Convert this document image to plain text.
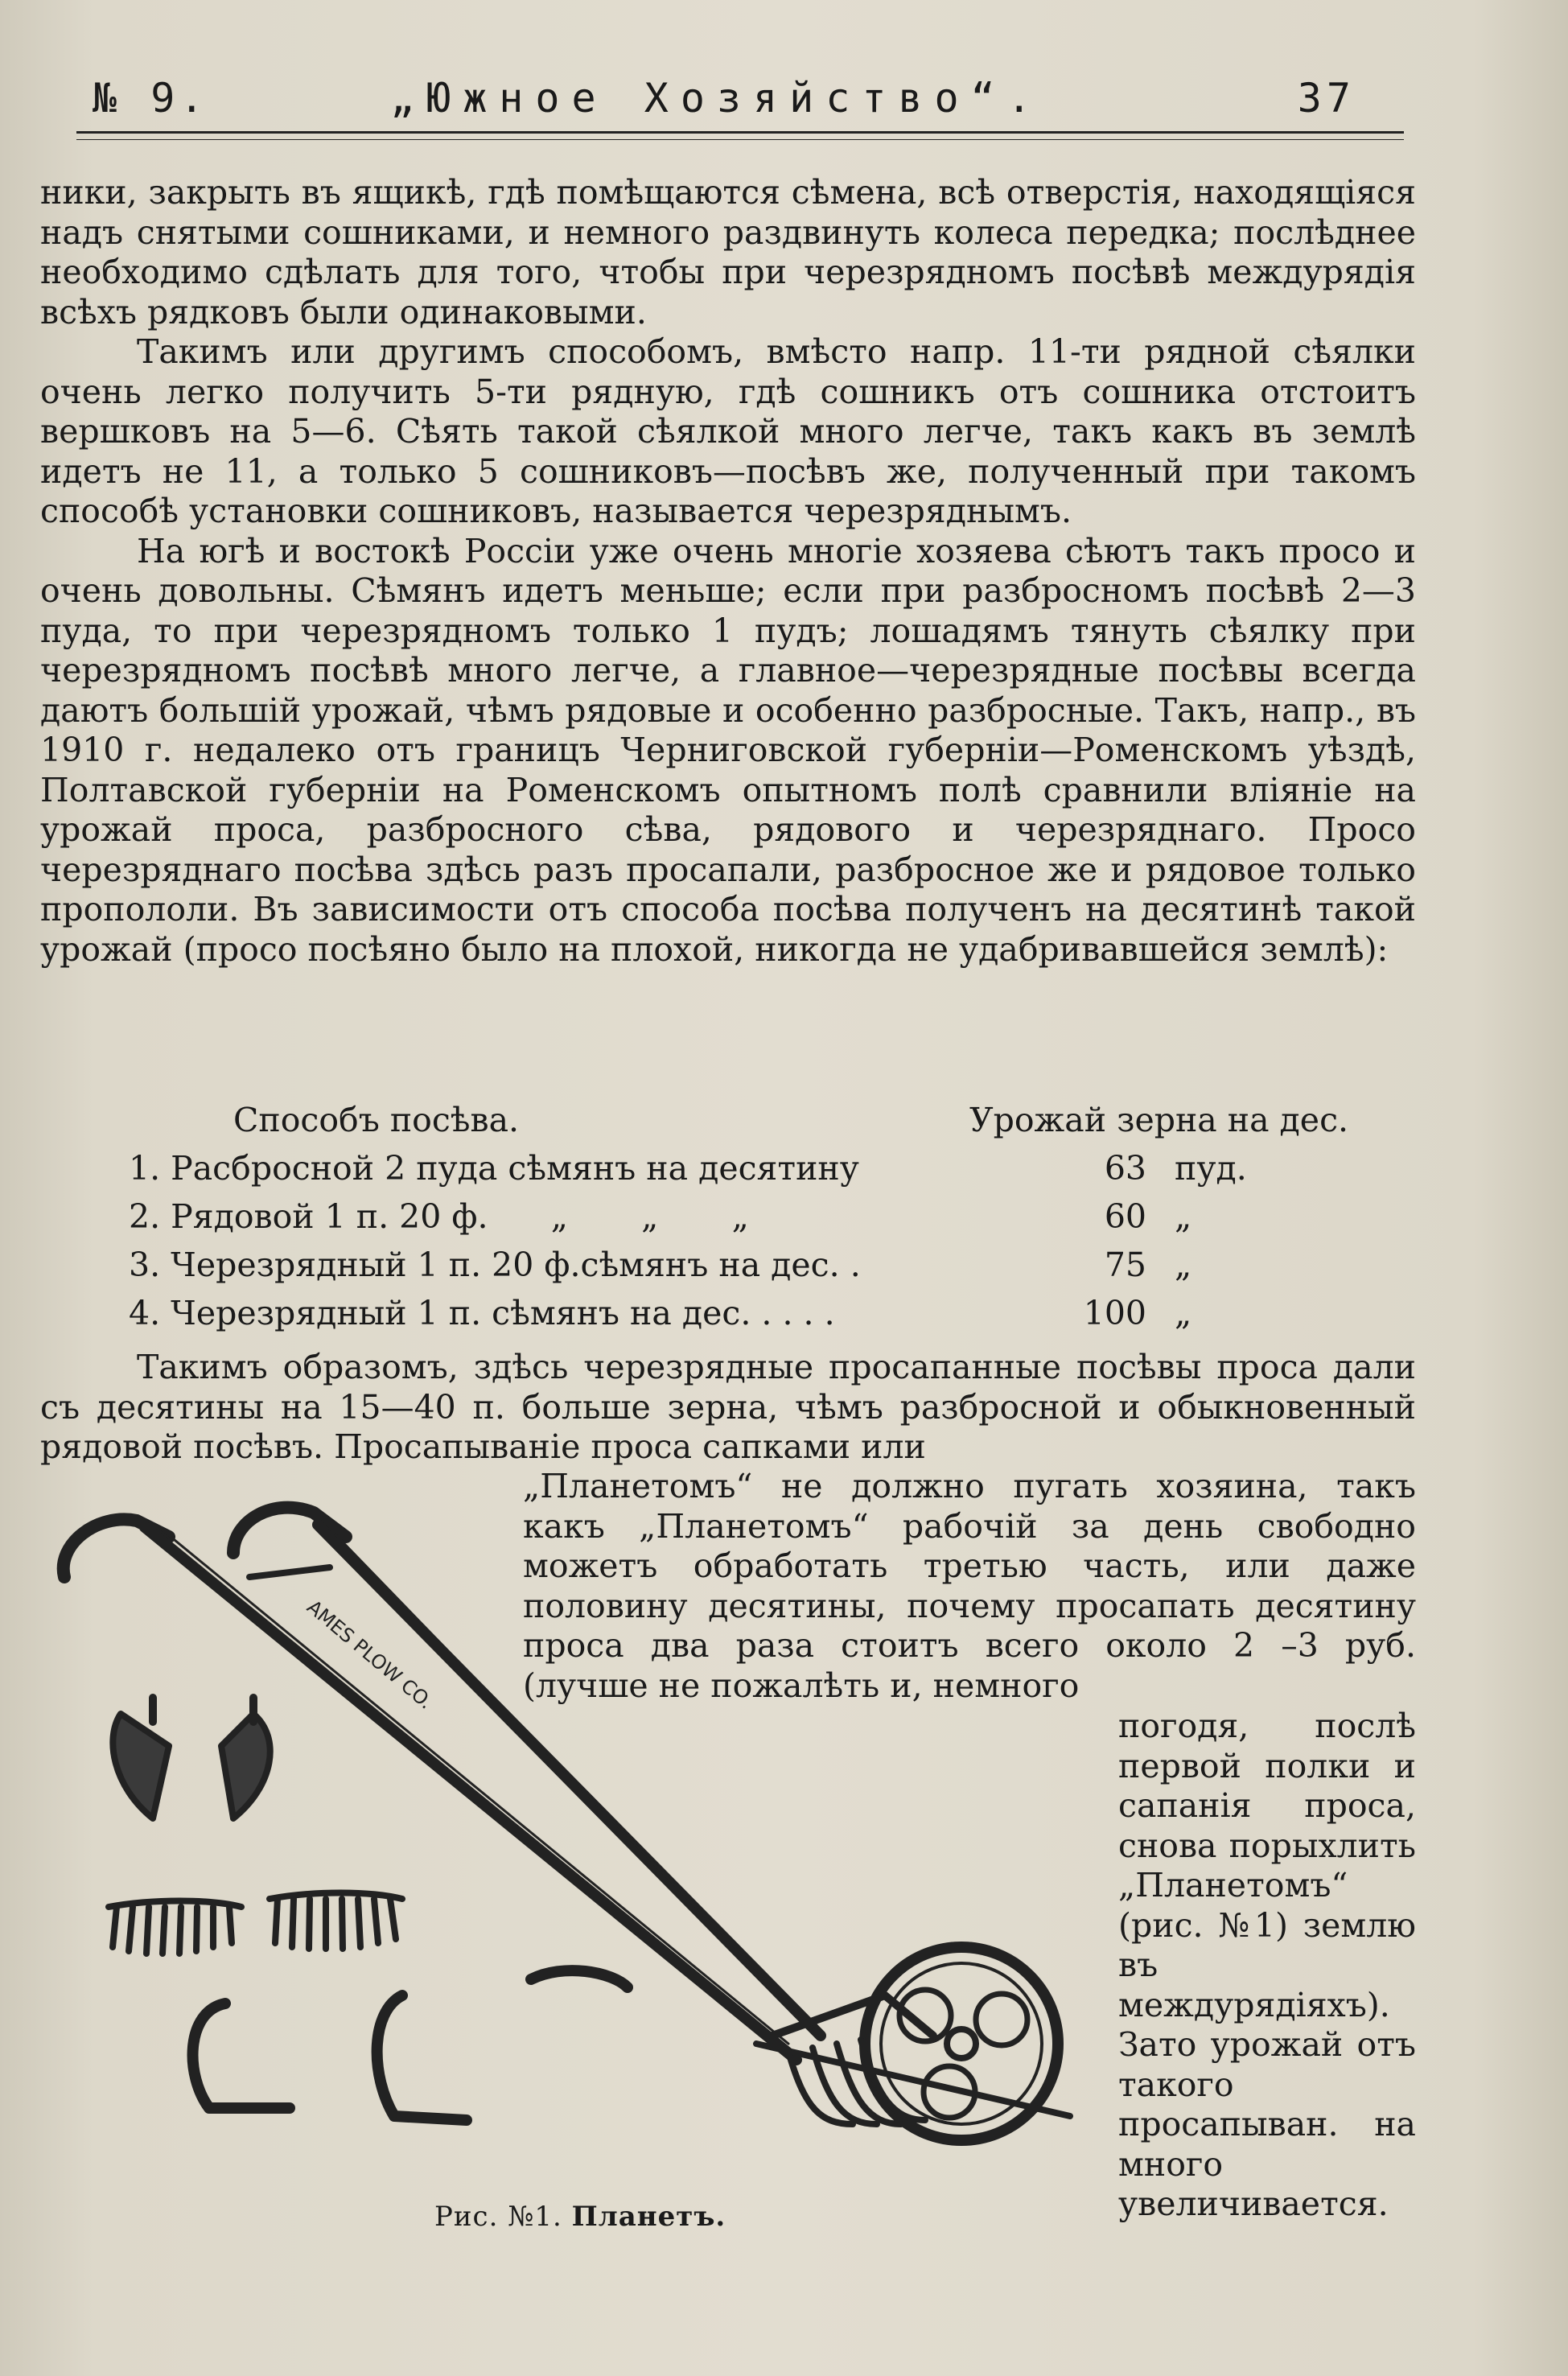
№ 9.	„Южное Хозяйство“.	37

ники, закрыть въ ящикѣ, гдѣ помѣщаются сѣмена, всѣ отверстія, находящiяся надъ снятыми сошниками, и немного раздвинуть колеса передка; послѣднее необходимо сдѣлать для того, чтобы при черезрядномъ посѣвѣ междурядія всѣхъ рядковъ были одинаковыми.

Такимъ или другимъ способомъ, вмѣсто напр. 11-ти рядной сѣялки очень легко получить 5-ти рядную, гдѣ сошникъ отъ сошника отстоитъ вершковъ на 5—6. Сѣять такой сѣялкой много легче, такъ какъ въ землѣ идетъ не 11, а только 5 сошниковъ—посѣвъ же, полученный при такомъ способѣ установки сошниковъ, называется черезряднымъ.

На югѣ и востокѣ Россiи уже очень многiе хозяева сѣютъ такъ просо и очень довольны. Сѣмянъ идетъ меньше; если при разбросномъ посѣвѣ 2—3 пуда, то при черезрядномъ только 1 пудъ; лошадямъ тянуть сѣялку при черезрядномъ посѣвѣ много легче, а главное—черезрядные посѣвы всегда даютъ большiй урожай, чѣмъ рядовые и особенно разбросные. Такъ, напр., въ 1910 г. недалеко отъ границъ Черниговской губернiи—Роменскомъ уѣздѣ, Полтавской губернiи на Роменскомъ опытномъ полѣ сравнили влiянiе на урожай проса, разбросного сѣва, рядового и черезряднаго. Просо черезряднаго посѣва здѣсь разъ просапали, разбросное же и рядовое только пропололи. Въ зависимости отъ способа посѣва полученъ на десятинѣ такой урожай (просо посѣяно было на плохой, никогда не удабривавшейся землѣ):

Способъ посѣва.	Урожай зерна на дес.
1. Расбросной 2 пуда сѣмянъ на десятину	63 пуд.
2. Рядовой 1 п. 20 ф.      „       „       „	60 „
3. Черезрядный 1 п. 20 ф.сѣмянъ на дес. .	75 „
4. Черезрядный 1 п. сѣмянъ на дес. . . . .	100 „

Такимъ образомъ, здѣсь черезрядные просапанные посѣвы проса дали съ десятины на 15—40 п. больше зерна, чѣмъ разбросной и обыкновенный рядовой посѣвъ. Просапыванiе проса сапками или

„Планетомъ“ не должно пугать хозяина, такъ какъ „Планетомъ“ рабочiй за день свободно можетъ обработать третью часть, или даже половину десятины, почему просапать десятину проса два раза стоитъ всего около 2 –3 руб. (лучше не пожалѣть и, немного

погодя, послѣ первой полки и сапанiя проса, снова порыхлить „Планетомъ“ (рис. №1) землю въ междурядiяхъ). Зато урожай отъ такого просапыван. на много увеличивается.

AMES PLOW CO.
Рис. №1. Планетъ.
